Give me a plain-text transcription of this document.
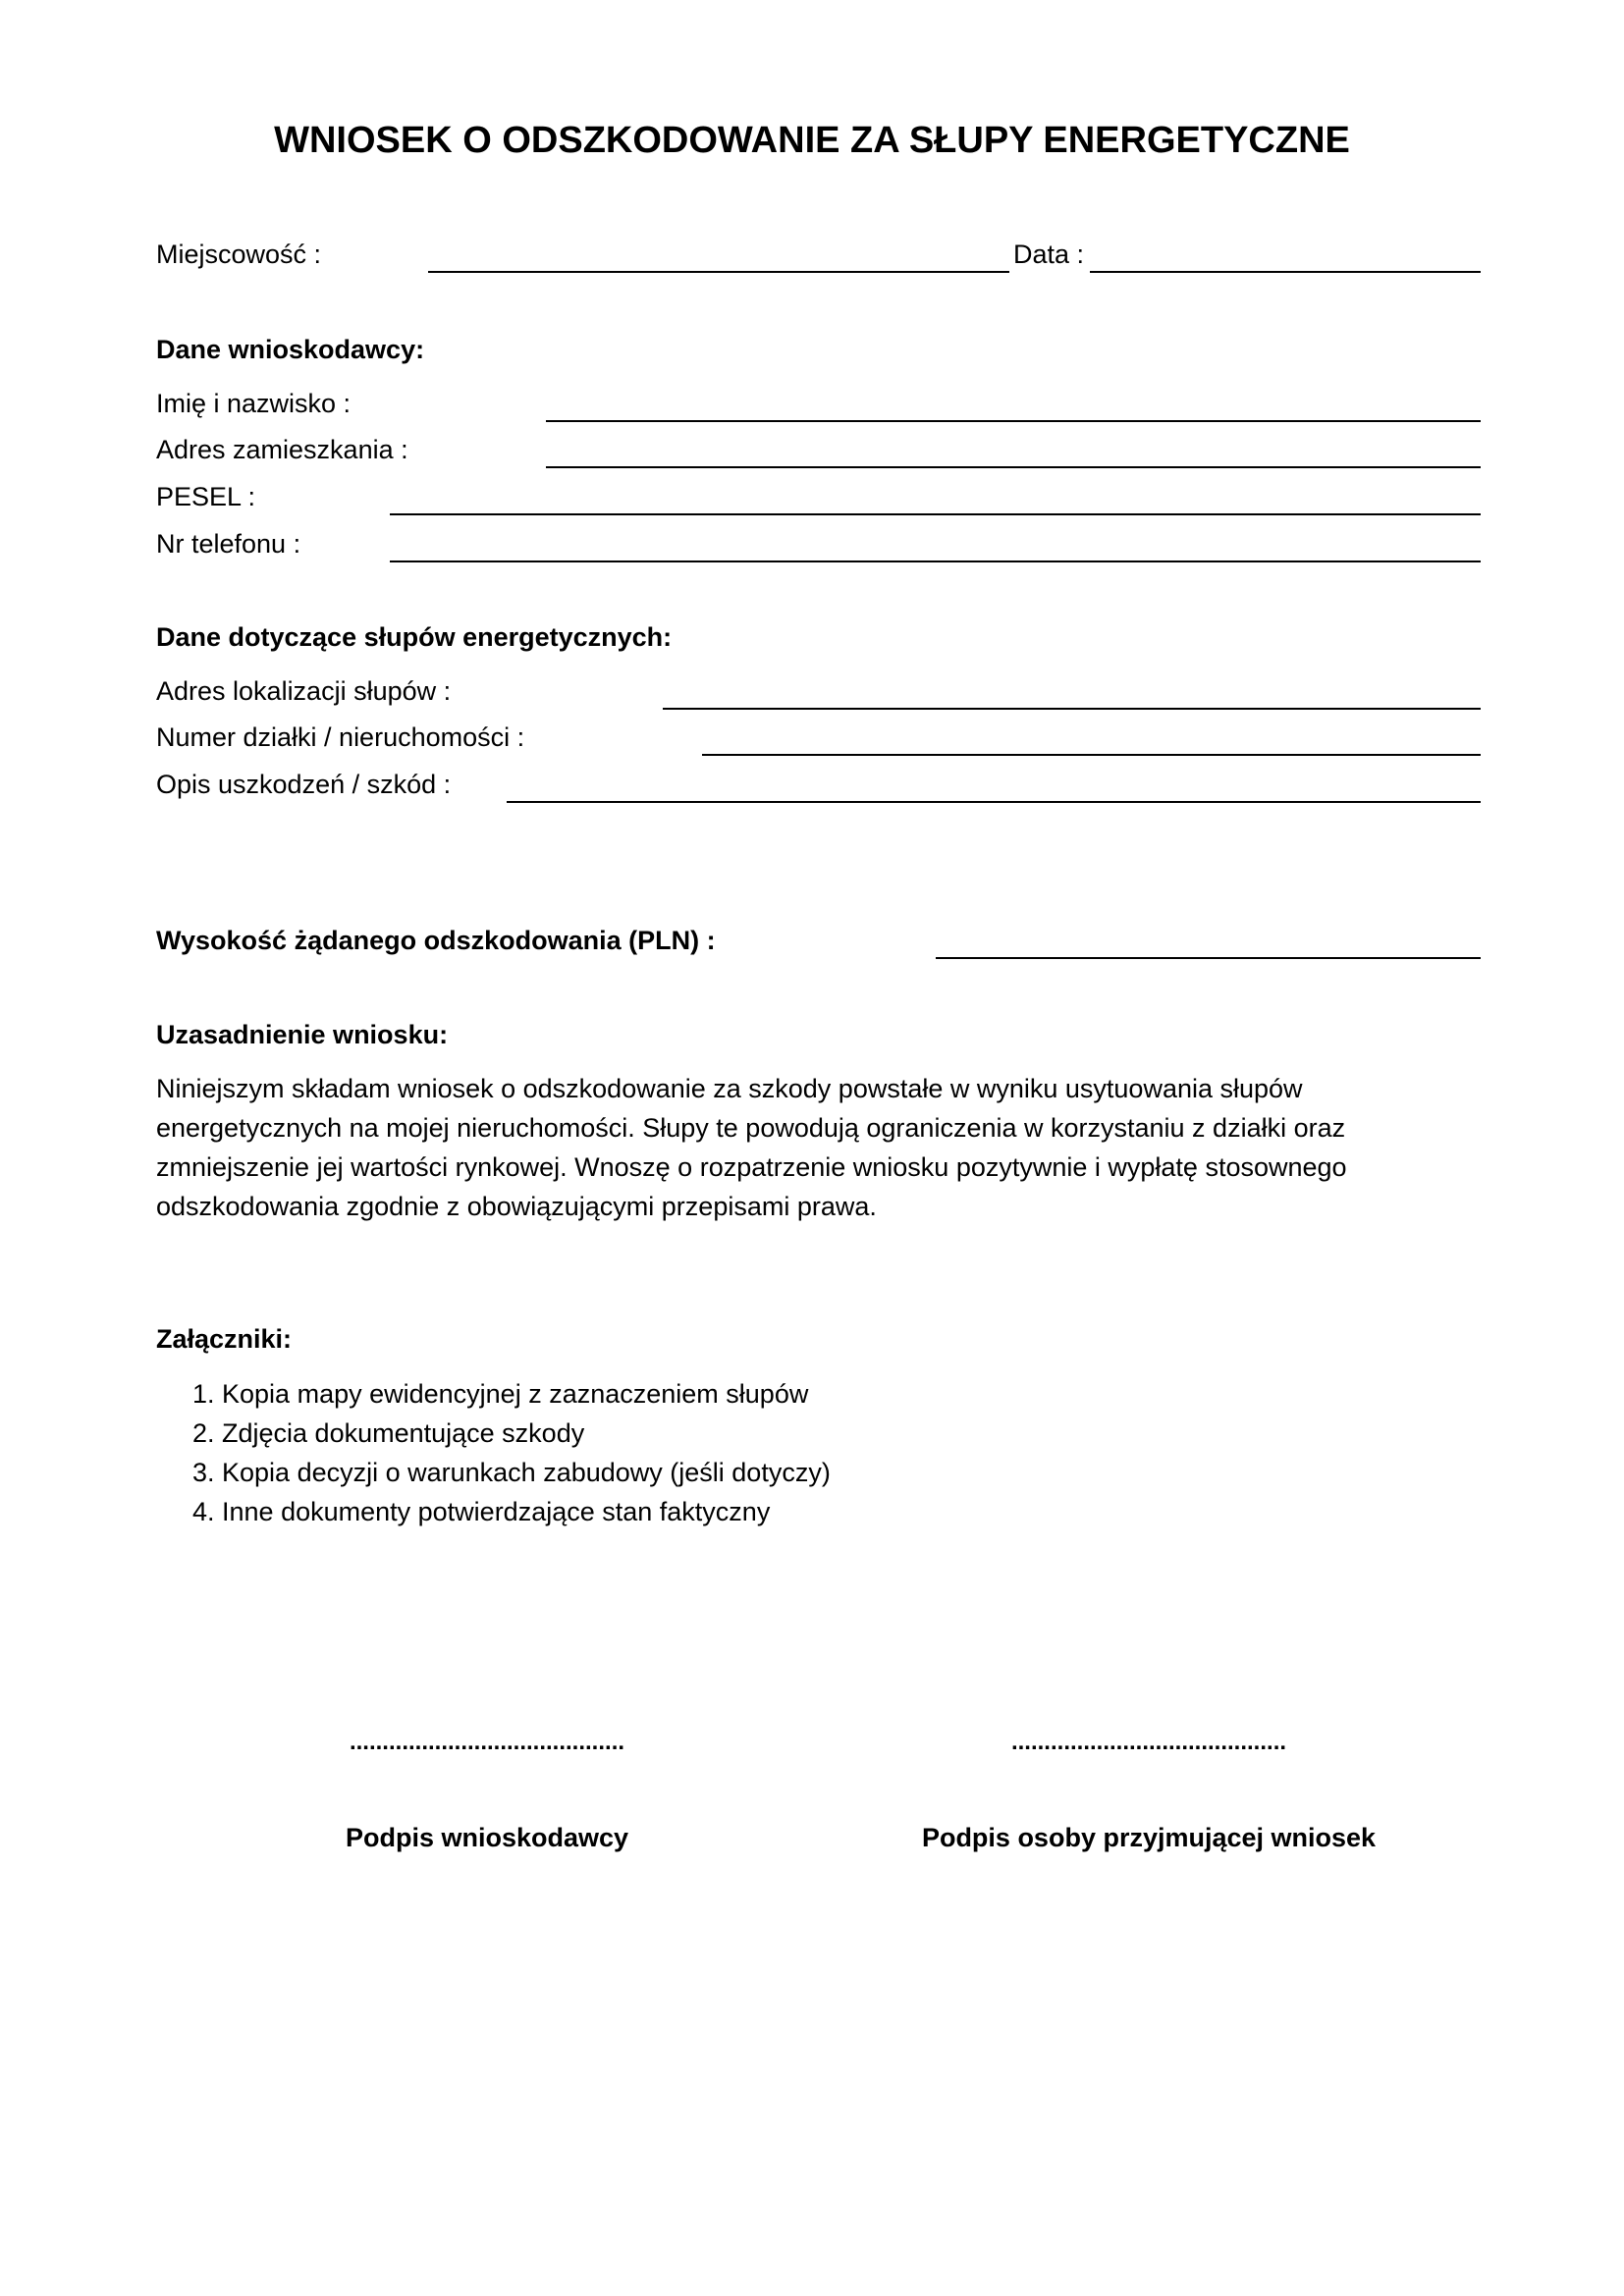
WNIOSEK O ODSZKODOWANIE ZA SŁUPY ENERGETYCZNE
Miejscowość :	Data :
Dane wnioskodawcy:
Imię i nazwisko :
Adres zamieszkania :
PESEL :
Nr telefonu :
Dane dotyczące słupów energetycznych:
Adres lokalizacji słupów :
Numer działki / nieruchomości :
Opis uszkodzeń / szkód :
Wysokość żądanego odszkodowania (PLN) :
Uzasadnienie wniosku:

Niniejszym składam wniosek o odszkodowanie za szkody powstałe w wyniku usytuowania słupów

energetycznych na mojej nieruchomości. Słupy te powodują ograniczenia w korzystaniu z działki oraz

zmniejszenie jej wartości rynkowej. Wnoszę o rozpatrzenie wniosku pozytywnie i wypłatę stosownego

odszkodowania zgodnie z obowiązującymi przepisami prawa.

Załączniki:
1. Kopia mapy ewidencyjnej z zaznaczeniem słupów
2. Zdjęcia dokumentujące szkody
3. Kopia decyzji o warunkach zabudowy (jeśli dotyczy)
4. Inne dokumenty potwierdzające stan faktyczny
..........................................	..........................................
Podpis wnioskodawcy	Podpis osoby przyjmującej wniosek
